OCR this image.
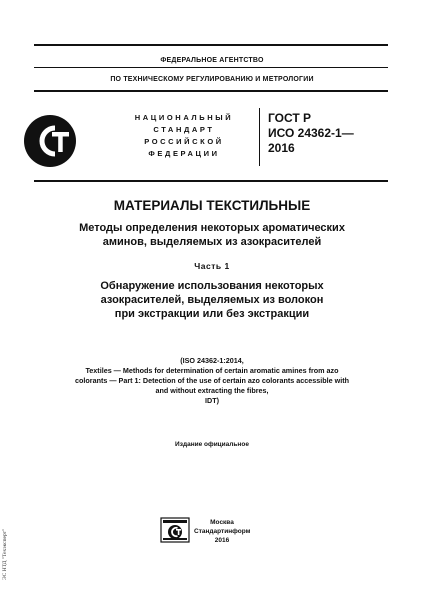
ФЕДЕРАЛЬНОЕ АГЕНТСТВО
ПО ТЕХНИЧЕСКОМУ РЕГУЛИРОВАНИЮ И МЕТРОЛОГИИ
НАЦИОНАЛЬНЫЙ
СТАНДАРТ
РОССИЙСКОЙ
ФЕДЕРАЦИИ
ГОСТ Р
ИСО 24362-1—
2016
МАТЕРИАЛЫ ТЕКСТИЛЬНЫЕ
Методы определения некоторых ароматических
аминов, выделяемых из азокрасителей
Часть 1
Обнаружение использования некоторых
азокрасителей, выделяемых из волокон
при экстракции или без экстракции
(ISO 24362-1:2014,
Textiles — Methods for determination of certain aromatic amines from azo
colorants — Part 1: Detection of the use of certain azo colorants accessible with
and without extracting the fibres,
IDT)
Издание официальное
Москва
Стандартинформ
2016
ЭС НТД "Техэксперт"
